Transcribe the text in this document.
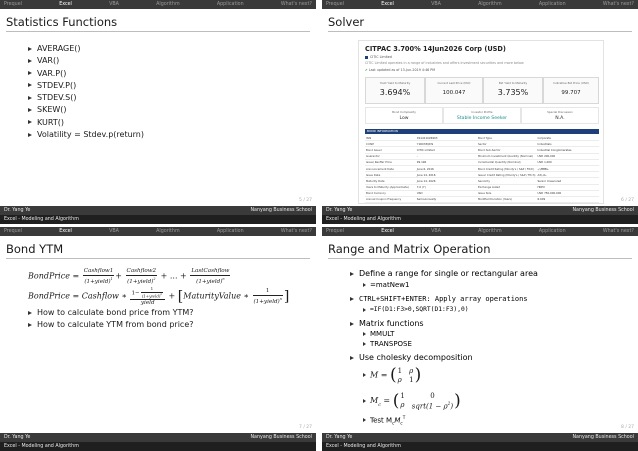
Prequel	Excel	VBA	Algorithm	Application	What's next?
Statistics Functions
AVERAGE()
VAR()
VAR.P()
STDEV.P()
STDEV.S()
SKEW()
KURT()
Volatility = Stdev.p(return)
5 / 27
Dr. Yang Ye	Nanyang Business School
Excel - Modeling and Algorithm
Prequel	Excel	VBA	Algorithm	Application	What's next?
Solver
CITPAC 3.700% 14Jun2026 Corp (USD)
CITIC Limited
CITIC Limited operates in a range of industries and offers investment securities and more below
✔ Last updated as of 13-Jun-2019 4:46 PM
Yield Yield to Maturity
3.694%
Current Last Price (Mid)
100.047
Bid Yield to Maturity
3.735%
Indicative Bid Price (USD)
99.707
Bond Complexity
Low
Investor Profile
Stable Income Seeker
Special Discussion
N.A.
BOND INFORMATION
ISIN	XS1411026903	Bond Type	Corporate
CUSIP	Y1R07ZQDS	Sector	Industrials
Bond Issuer	CITIC Limited	Bond Sub-Sector	Industrial Conglomerates
Guarantor	-	Minimum Investment Quantity (Nominal)	USD 200,000
Issue/ Reoffer Price	99.196	Incremental Quantity (Nominal)	USD 1,000
Announcement Date	June 6, 2016	Bond Credit Rating (Moody's / S&P / Fitch)	-/-/BBB+
Issue Date	June 14, 2016	Issuer Credit Rating (Moody's / S&P / Fitch)	A3/-/A-
Maturity Date	June 14, 2026	Seniority	Senior Unsecured
Years to Maturity (Approximate)	7.0 (Y)	Exchange Listed	HKEX
Bond Currency	USD	Issue Size	USD 750,000,000
Annual Coupon Frequency	Semi-Annually	Modified Duration (Years)	6.009	6 / 27
Dr. Yang Ye	Nanyang Business School
Excel - Modeling and Algorithm
Prequel	Excel	VBA	Algorithm	Application	What's next?
Bond YTM
BondPrice = $\frac{\text{Cashflow1}}{(1+yield)^1} + \frac{\text{Cashflow2}}{(1+yield)^2}$ + ... + $\frac{\text{LastCashflow}}{(1+yield)^n}$
BondPrice = Cashflow ∗ $\frac{1- \frac{1}{(1+yield)^n}}{\text{yield}}$ + [MaturityValue ∗ $\frac{1}{(1+yield)^n}$ ]
How to calculate bond price from YTM?
How to calculate YTM from bond price?
7 / 27
Dr. Yang Ye	Nanyang Business School
Excel - Modeling and Algorithm
Prequel	Excel	VBA	Algorithm	Application	What's next?
Range and Matrix Operation
Define a range for single or rectangular area
=matNew1
CTRL+SHIFT+ENTER: Apply array operations
=IF(D1:F3>0,SQRT(D1:F3),0)
Matrix functions
MMULT
TRANSPOSE
Use cholesky decomposition
M = ( 1 ρ
ρ 1 )
$M_c$ = ( 1	0
ρ sqrt(1 − $\rho^2$) )
Test $M_cM_c^T$
8 / 27
Dr. Yang Ye	Nanyang Business School
Excel - Modeling and Algorithm
